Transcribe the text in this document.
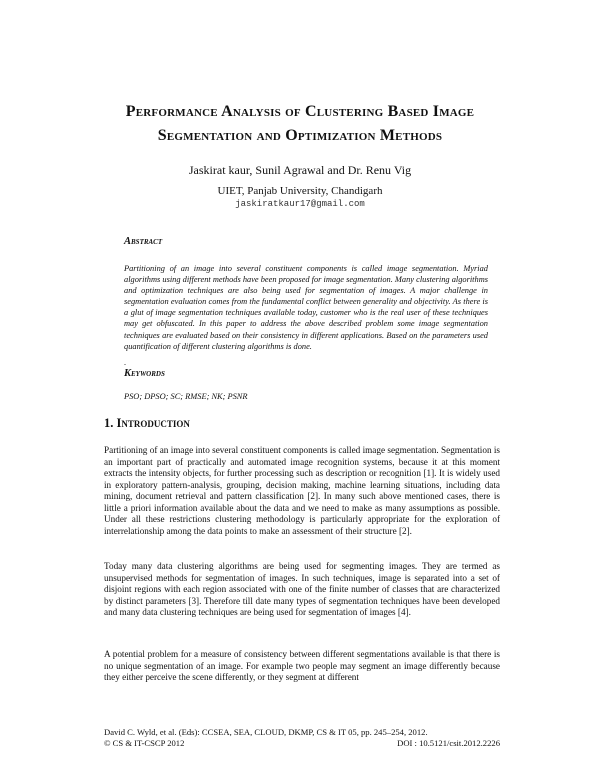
Performance Analysis of Clustering Based Image
Segmentation and Optimization Methods
Jaskirat kaur, Sunil Agrawal and Dr. Renu Vig
UIET, Panjab University, Chandigarh
jaskiratkaur17@gmail.com
Abstract

Partitioning of an image into several constituent components is called image segmentation. Myriad algorithms using different methods have been proposed for image segmentation. Many clustering algorithms and optimization techniques are also being used for segmentation of images. A major challenge in segmentation evaluation comes from the fundamental conflict between generality and objectivity. As there is a glut of image segmentation techniques available today, customer who is the real user of these techniques may get obfuscated. In this paper to address the above described problem some image segmentation techniques are evaluated based on their consistency in different applications. Based on the parameters used quantification of different clustering algorithms is done.

.
Keywords

PSO; DPSO; SC; RMSE; NK; PSNR

1. Introduction

Partitioning of an image into several constituent components is called image segmentation. Segmentation is an important part of practically and automated image recognition systems, because it at this moment extracts the intensity objects, for further processing such as description or recognition [1]. It is widely used in exploratory pattern-analysis, grouping, decision making, machine learning situations, including data mining, document retrieval and pattern classification [2]. In many such above mentioned cases, there is little a priori information available about the data and we need to make as many assumptions as possible. Under all these restrictions clustering methodology is particularly appropriate for the exploration of interrelationship among the data points to make an assessment of their structure [2].

Today many data clustering algorithms are being used for segmenting images. They are termed as unsupervised methods for segmentation of images. In such techniques, image is separated into a set of disjoint regions with each region associated with one of the finite number of classes that are characterized by distinct parameters [3]. Therefore till date many types of segmentation techniques have been developed and many data clustering techniques are being used for segmentation of images [4].

A potential problem for a measure of consistency between different segmentations available is that there is no unique segmentation of an image. For example two people may segment an image differently because they either perceive the scene differently, or they segment at different

David C. Wyld, et al. (Eds): CCSEA, SEA, CLOUD, DKMP, CS & IT 05, pp. 245–254, 2012.
© CS & IT-CSCP 2012	DOI : 10.5121/csit.2012.2226
